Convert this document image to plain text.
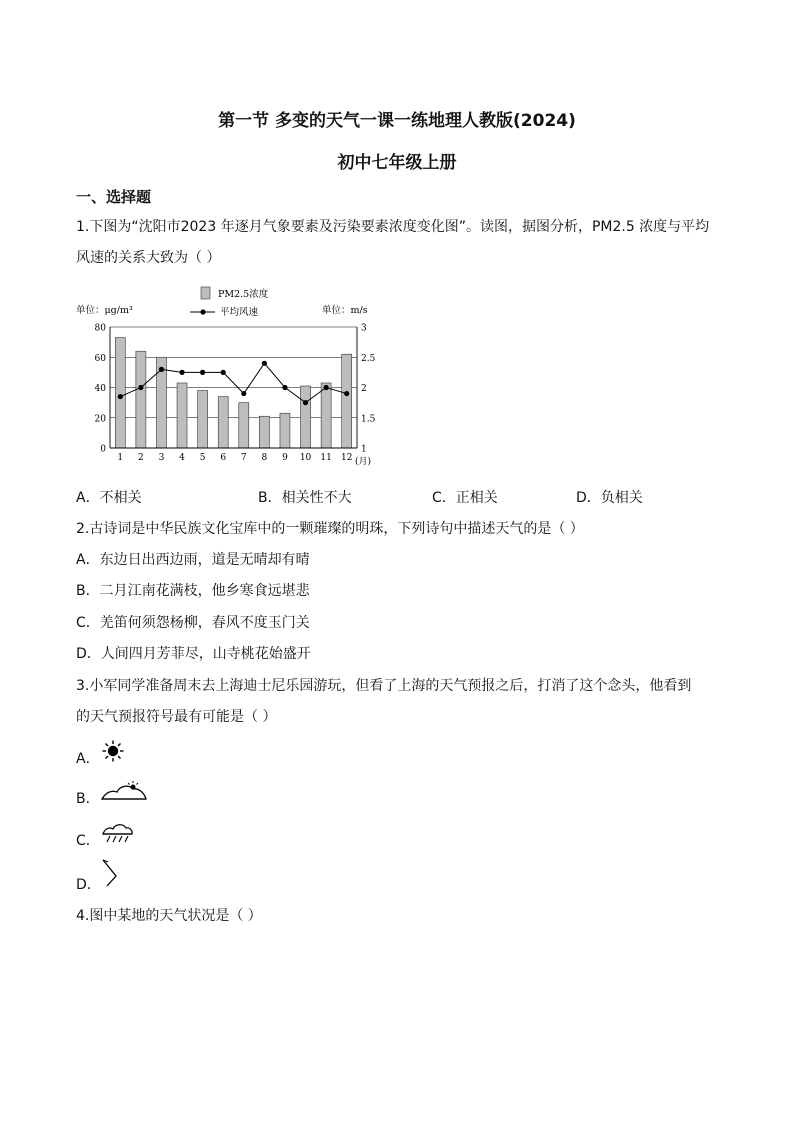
第一节 多变的天气一课一练地理人教版(2024)
初中七年级上册
一、选择题
1.下图为“沈阳市2023 年逐月气象要素及污染要素浓度变化图”。读图，据图分析，PM2.5 浓度与平均
风速的关系大致为（ ）
0
20
40
60
80
1
1.5
2
2.5
3
1 2 3 4 5 6 7 8 9 10 11 12 (月)
单位：μg/m³	单位：m/s
PM2.5浓度
平均风速
A．不相关	B．相关性不大	C．正相关	D．负相关
2.古诗词是中华民族文化宝库中的一颗璀璨的明珠，下列诗句中描述天气的是（ ）
A．东边日出西边雨，道是无晴却有晴
B．二月江南花满枝，他乡寒食远堪悲
C．羌笛何须怨杨柳，春风不度玉门关
D．人间四月芳菲尽，山寺桃花始盛开
3.小军同学准备周末去上海迪士尼乐园游玩，但看了上海的天气预报之后，打消了这个念头，他看到
的天气预报符号最有可能是（ ）
A．
B．
C．
D．
4.图中某地的天气状况是（ ）
